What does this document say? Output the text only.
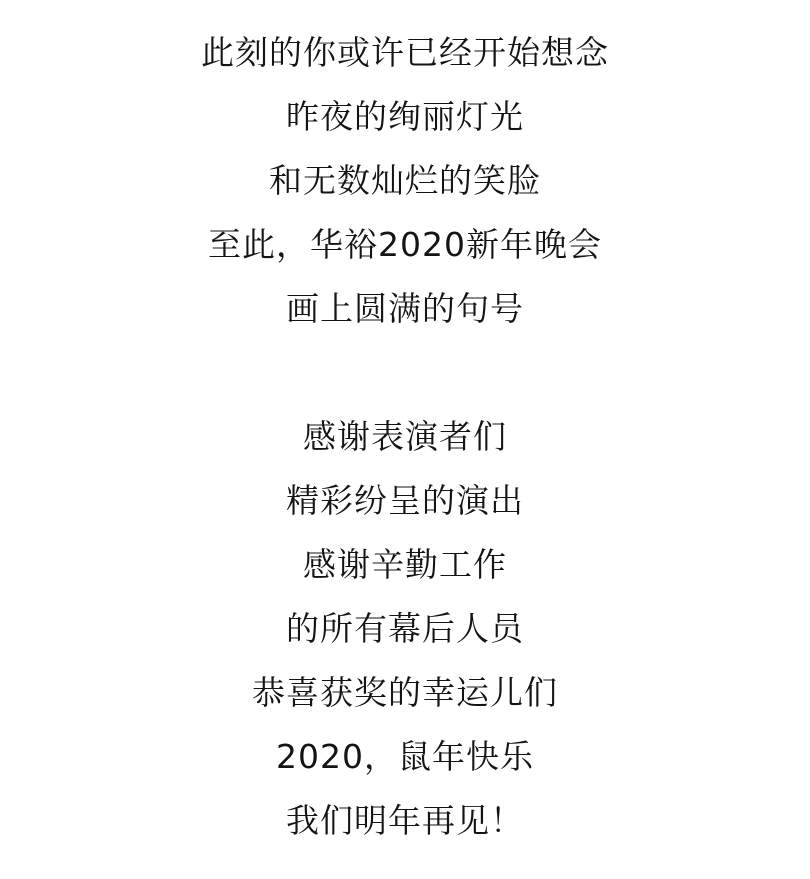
此刻的你或许已经开始想念

昨夜的绚丽灯光

和无数灿烂的笑脸

至此，华裕2020新年晚会

画上圆满的句号

感谢表演者们

精彩纷呈的演出

感谢辛勤工作

的所有幕后人员

恭喜获奖的幸运儿们

2020，鼠年快乐

我们明年再见！
